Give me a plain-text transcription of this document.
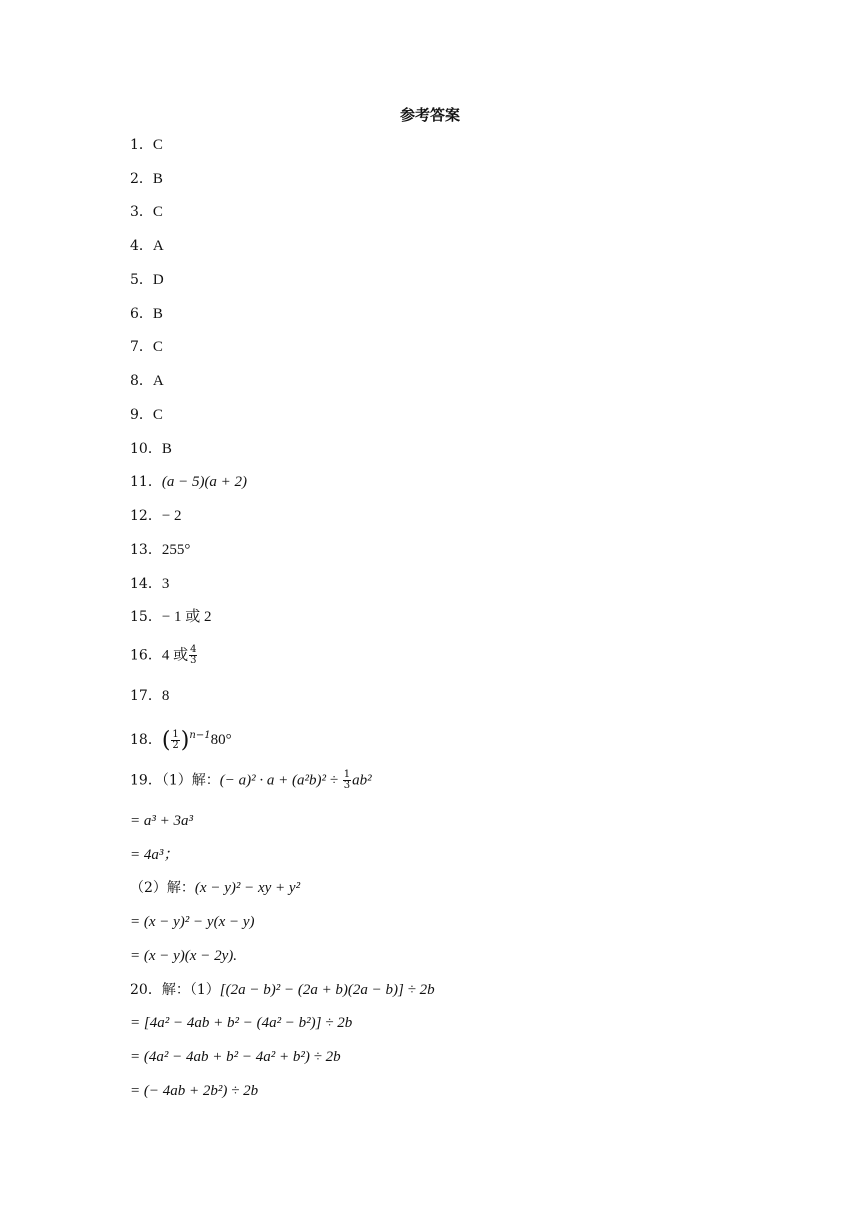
参考答案
1．C
2．B
3．C
4．A
5．D
6．B
7．C
8．A
9．C
10．B
11．(a − 5)(a + 2)
12．− 2
13．255°
14．3
15．− 1 或 2
16．4 或 $\frac{4}{3}$
17．8
18．( $\frac{1}{2} )^{n-1}80^\circ$
19．（1）解：(− $a)^2 \cdot a + (a^2b)^2 \div \frac{1}{3} ab^2$
= a³ + 3a³
= 4a³；
（2）解：(x − y)² − xy + y²
= (x − y)² − y(x − y)
= (x − y)(x − 2y).
20．解：（1）[(2a − b)² − (2a + b)(2a − b)] ÷ 2b
= [4a² − 4ab + b² − (4a² − b²)] ÷ 2b
= (4a² − 4ab + b² − 4a² + b²) ÷ 2b
= (− 4ab + 2b²) ÷ 2b
